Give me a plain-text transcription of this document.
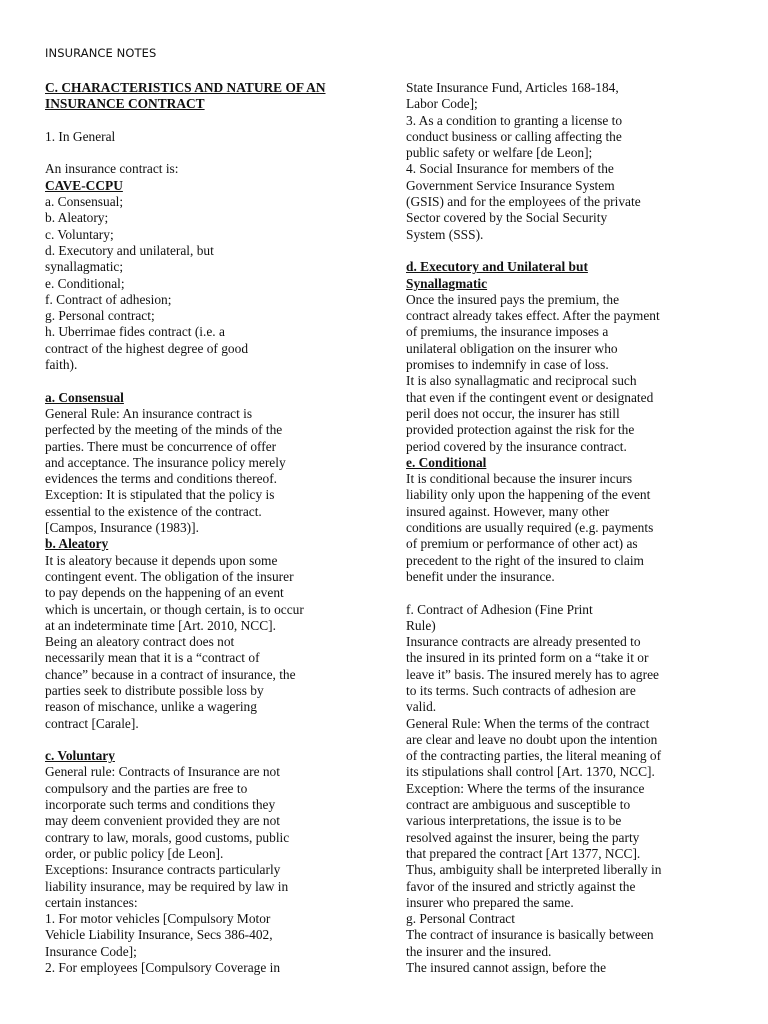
INSURANCE NOTES
C. CHARACTERISTICS AND NATURE OF AN
INSURANCE CONTRACT
1. In General
An insurance contract is:
CAVE-CCPU
a. Consensual;
b. Aleatory;
c. Voluntary;
d. Executory and unilateral, but
synallagmatic;
e. Conditional;
f. Contract of adhesion;
g. Personal contract;
h. Uberrimae fides contract (i.e. a
contract of the highest degree of good
faith).
a. Consensual
General Rule: An insurance contract is
perfected by the meeting of the minds of the
parties. There must be concurrence of offer
and acceptance. The insurance policy merely
evidences the terms and conditions thereof.
Exception: It is stipulated that the policy is
essential to the existence of the contract.
[Campos, Insurance (1983)].
b. Aleatory
It is aleatory because it depends upon some
contingent event. The obligation of the insurer
to pay depends on the happening of an event
which is uncertain, or though certain, is to occur
at an indeterminate time [Art. 2010, NCC].
Being an aleatory contract does not
necessarily mean that it is a “contract of
chance” because in a contract of insurance, the
parties seek to distribute possible loss by
reason of mischance, unlike a wagering
contract [Carale].
c. Voluntary
General rule: Contracts of Insurance are not
compulsory and the parties are free to
incorporate such terms and conditions they
may deem convenient provided they are not
contrary to law, morals, good customs, public
order, or public policy [de Leon].
Exceptions: Insurance contracts particularly
liability insurance, may be required by law in
certain instances:
1. For motor vehicles [Compulsory Motor
Vehicle Liability Insurance, Secs 386-402,
Insurance Code];
2. For employees [Compulsory Coverage in
State Insurance Fund, Articles 168-184,
Labor Code];
3. As a condition to granting a license to
conduct business or calling affecting the
public safety or welfare [de Leon];
4. Social Insurance for members of the
Government Service Insurance System
(GSIS) and for the employees of the private
Sector covered by the Social Security
System (SSS).
d. Executory and Unilateral but
Synallagmatic
Once the insured pays the premium, the
contract already takes effect. After the payment
of premiums, the insurance imposes a
unilateral obligation on the insurer who
promises to indemnify in case of loss.
It is also synallagmatic and reciprocal such
that even if the contingent event or designated
peril does not occur, the insurer has still
provided protection against the risk for the
period covered by the insurance contract.
e. Conditional
It is conditional because the insurer incurs
liability only upon the happening of the event
insured against. However, many other
conditions are usually required (e.g. payments
of premium or performance of other act) as
precedent to the right of the insured to claim
benefit under the insurance.
f. Contract of Adhesion (Fine Print
Rule)
Insurance contracts are already presented to
the insured in its printed form on a “take it or
leave it” basis. The insured merely has to agree
to its terms. Such contracts of adhesion are
valid.
General Rule: When the terms of the contract
are clear and leave no doubt upon the intention
of the contracting parties, the literal meaning of
its stipulations shall control [Art. 1370, NCC].
Exception: Where the terms of the insurance
contract are ambiguous and susceptible to
various interpretations, the issue is to be
resolved against the insurer, being the party
that prepared the contract [Art 1377, NCC].
Thus, ambiguity shall be interpreted liberally in
favor of the insured and strictly against the
insurer who prepared the same.
g. Personal Contract
The contract of insurance is basically between
the insurer and the insured.
The insured cannot assign, before the
